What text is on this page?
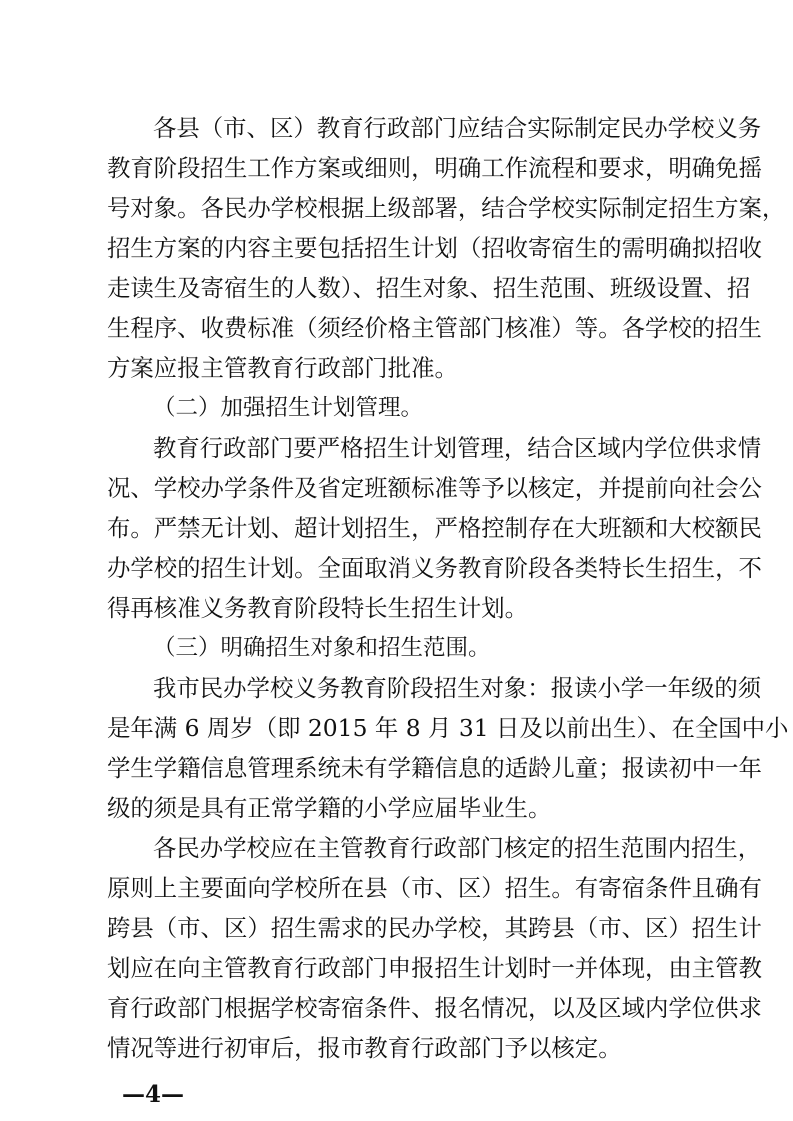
各县（市、区）教育行政部门应结合实际制定民办学校义务
教育阶段招生工作方案或细则，明确工作流程和要求，明确免摇
号对象。各民办学校根据上级部署，结合学校实际制定招生方案，
招生方案的内容主要包括招生计划（招收寄宿生的需明确拟招收
走读生及寄宿生的人数）、招生对象、招生范围、班级设置、招
生程序、收费标准（须经价格主管部门核准）等。各学校的招生
方案应报主管教育行政部门批准。
（二）加强招生计划管理。
教育行政部门要严格招生计划管理，结合区域内学位供求情
况、学校办学条件及省定班额标准等予以核定，并提前向社会公
布。严禁无计划、超计划招生，严格控制存在大班额和大校额民
办学校的招生计划。全面取消义务教育阶段各类特长生招生，不
得再核准义务教育阶段特长生招生计划。
（三）明确招生对象和招生范围。
我市民办学校义务教育阶段招生对象：报读小学一年级的须
是年满 6 周岁（即 2015 年 8 月 31 日及以前出生）、在全国中小
学生学籍信息管理系统未有学籍信息的适龄儿童；报读初中一年
级的须是具有正常学籍的小学应届毕业生。
各民办学校应在主管教育行政部门核定的招生范围内招生，
原则上主要面向学校所在县（市、区）招生。有寄宿条件且确有
跨县（市、区）招生需求的民办学校，其跨县（市、区）招生计
划应在向主管教育行政部门申报招生计划时一并体现，由主管教
育行政部门根据学校寄宿条件、报名情况，以及区域内学位供求
情况等进行初审后，报市教育行政部门予以核定。
—4—
